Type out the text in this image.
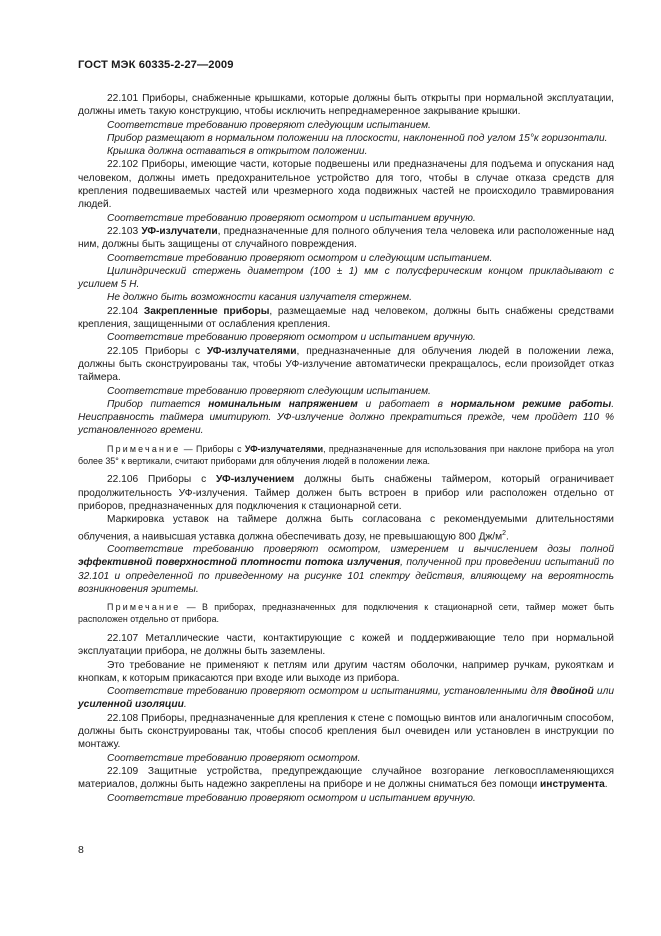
ГОСТ МЭК 60335-2-27—2009

22.101 Приборы, снабженные крышками, которые должны быть открыты при нормальной эксплуатации, должны иметь такую конструкцию, чтобы исключить непреднамеренное закрывание крышки.

Соответствие требованию проверяют следующим испытанием.

Прибор размещают в нормальном положении на плоскости, наклоненной под углом 15°к горизонтали.

Крышка должна оставаться в открытом положении.

22.102 Приборы, имеющие части, которые подвешены или предназначены для подъема и опускания над человеком, должны иметь предохранительное устройство для того, чтобы в случае отказа средств для крепления подвешиваемых частей или чрезмерного хода подвижных частей не происходило травмирования людей.

Соответствие требованию проверяют осмотром и испытанием вручную.

22.103 УФ-излучатели, предназначенные для полного облучения тела человека или расположенные над ним, должны быть защищены от случайного повреждения.

Соответствие требованию проверяют осмотром и следующим испытанием.

Цилиндрический стержень диаметром (100 ± 1) мм с полусферическим концом прикладывают с усилием 5 Н.

Не должно быть возможности касания излучателя стержнем.

22.104 Закрепленные приборы, размещаемые над человеком, должны быть снабжены средствами крепления, защищенными от ослабления крепления.

Соответствие требованию проверяют осмотром и испытанием вручную.

22.105 Приборы с УФ-излучателями, предназначенные для облучения людей в положении лежа, должны быть сконструированы так, чтобы УФ-излучение автоматически прекращалось, если произойдет отказ таймера.

Соответствие требованию проверяют следующим испытанием.

Прибор питается номинальным напряжением и работает в нормальном режиме работы. Неисправность таймера имитируют. УФ-излучение должно прекратиться прежде, чем пройдет 110 % установленного времени.

Примечание — Приборы с УФ-излучателями, предназначенные для использования при наклоне прибора на угол более 35° к вертикали, считают приборами для облучения людей в положении лежа.

22.106 Приборы с УФ-излучением должны быть снабжены таймером, который ограничивает продолжительность УФ-излучения. Таймер должен быть встроен в прибор или расположен отдельно от приборов, предназначенных для подключения к стационарной сети.

Маркировка уставок на таймере должна быть согласована с рекомендуемыми длительностями облучения, а наивысшая уставка должна обеспечивать дозу, не превышающую 800 $Дж/м^2$.

Соответствие требованию проверяют осмотром, измерением и вычислением дозы полной эффективной поверхностной плотности потока излучения, полученной при проведении испытаний по 32.101 и определенной по приведенному на рисунке 101 спектру действия, влияющему на вероятность возникновения эритемы.

Примечание — В приборах, предназначенных для подключения к стационарной сети, таймер может быть расположен отдельно от прибора.

22.107 Металлические части, контактирующие с кожей и поддерживающие тело при нормальной эксплуатации прибора, не должны быть заземлены.

Это требование не применяют к петлям или другим частям оболочки, например ручкам, рукояткам и кнопкам, к которым прикасаются при входе или выходе из прибора.

Соответствие требованию проверяют осмотром и испытаниями, установленными для двойной или усиленной изоляции.

22.108 Приборы, предназначенные для крепления к стене с помощью винтов или аналогичным способом, должны быть сконструированы так, чтобы способ крепления был очевиден или установлен в инструкции по монтажу.

Соответствие требованию проверяют осмотром.

22.109 Защитные устройства, предупреждающие случайное возгорание легковоспламеняющихся материалов, должны быть надежно закреплены на приборе и не должны сниматься без помощи инструмента.

Соответствие требованию проверяют осмотром и испытанием вручную.

8
